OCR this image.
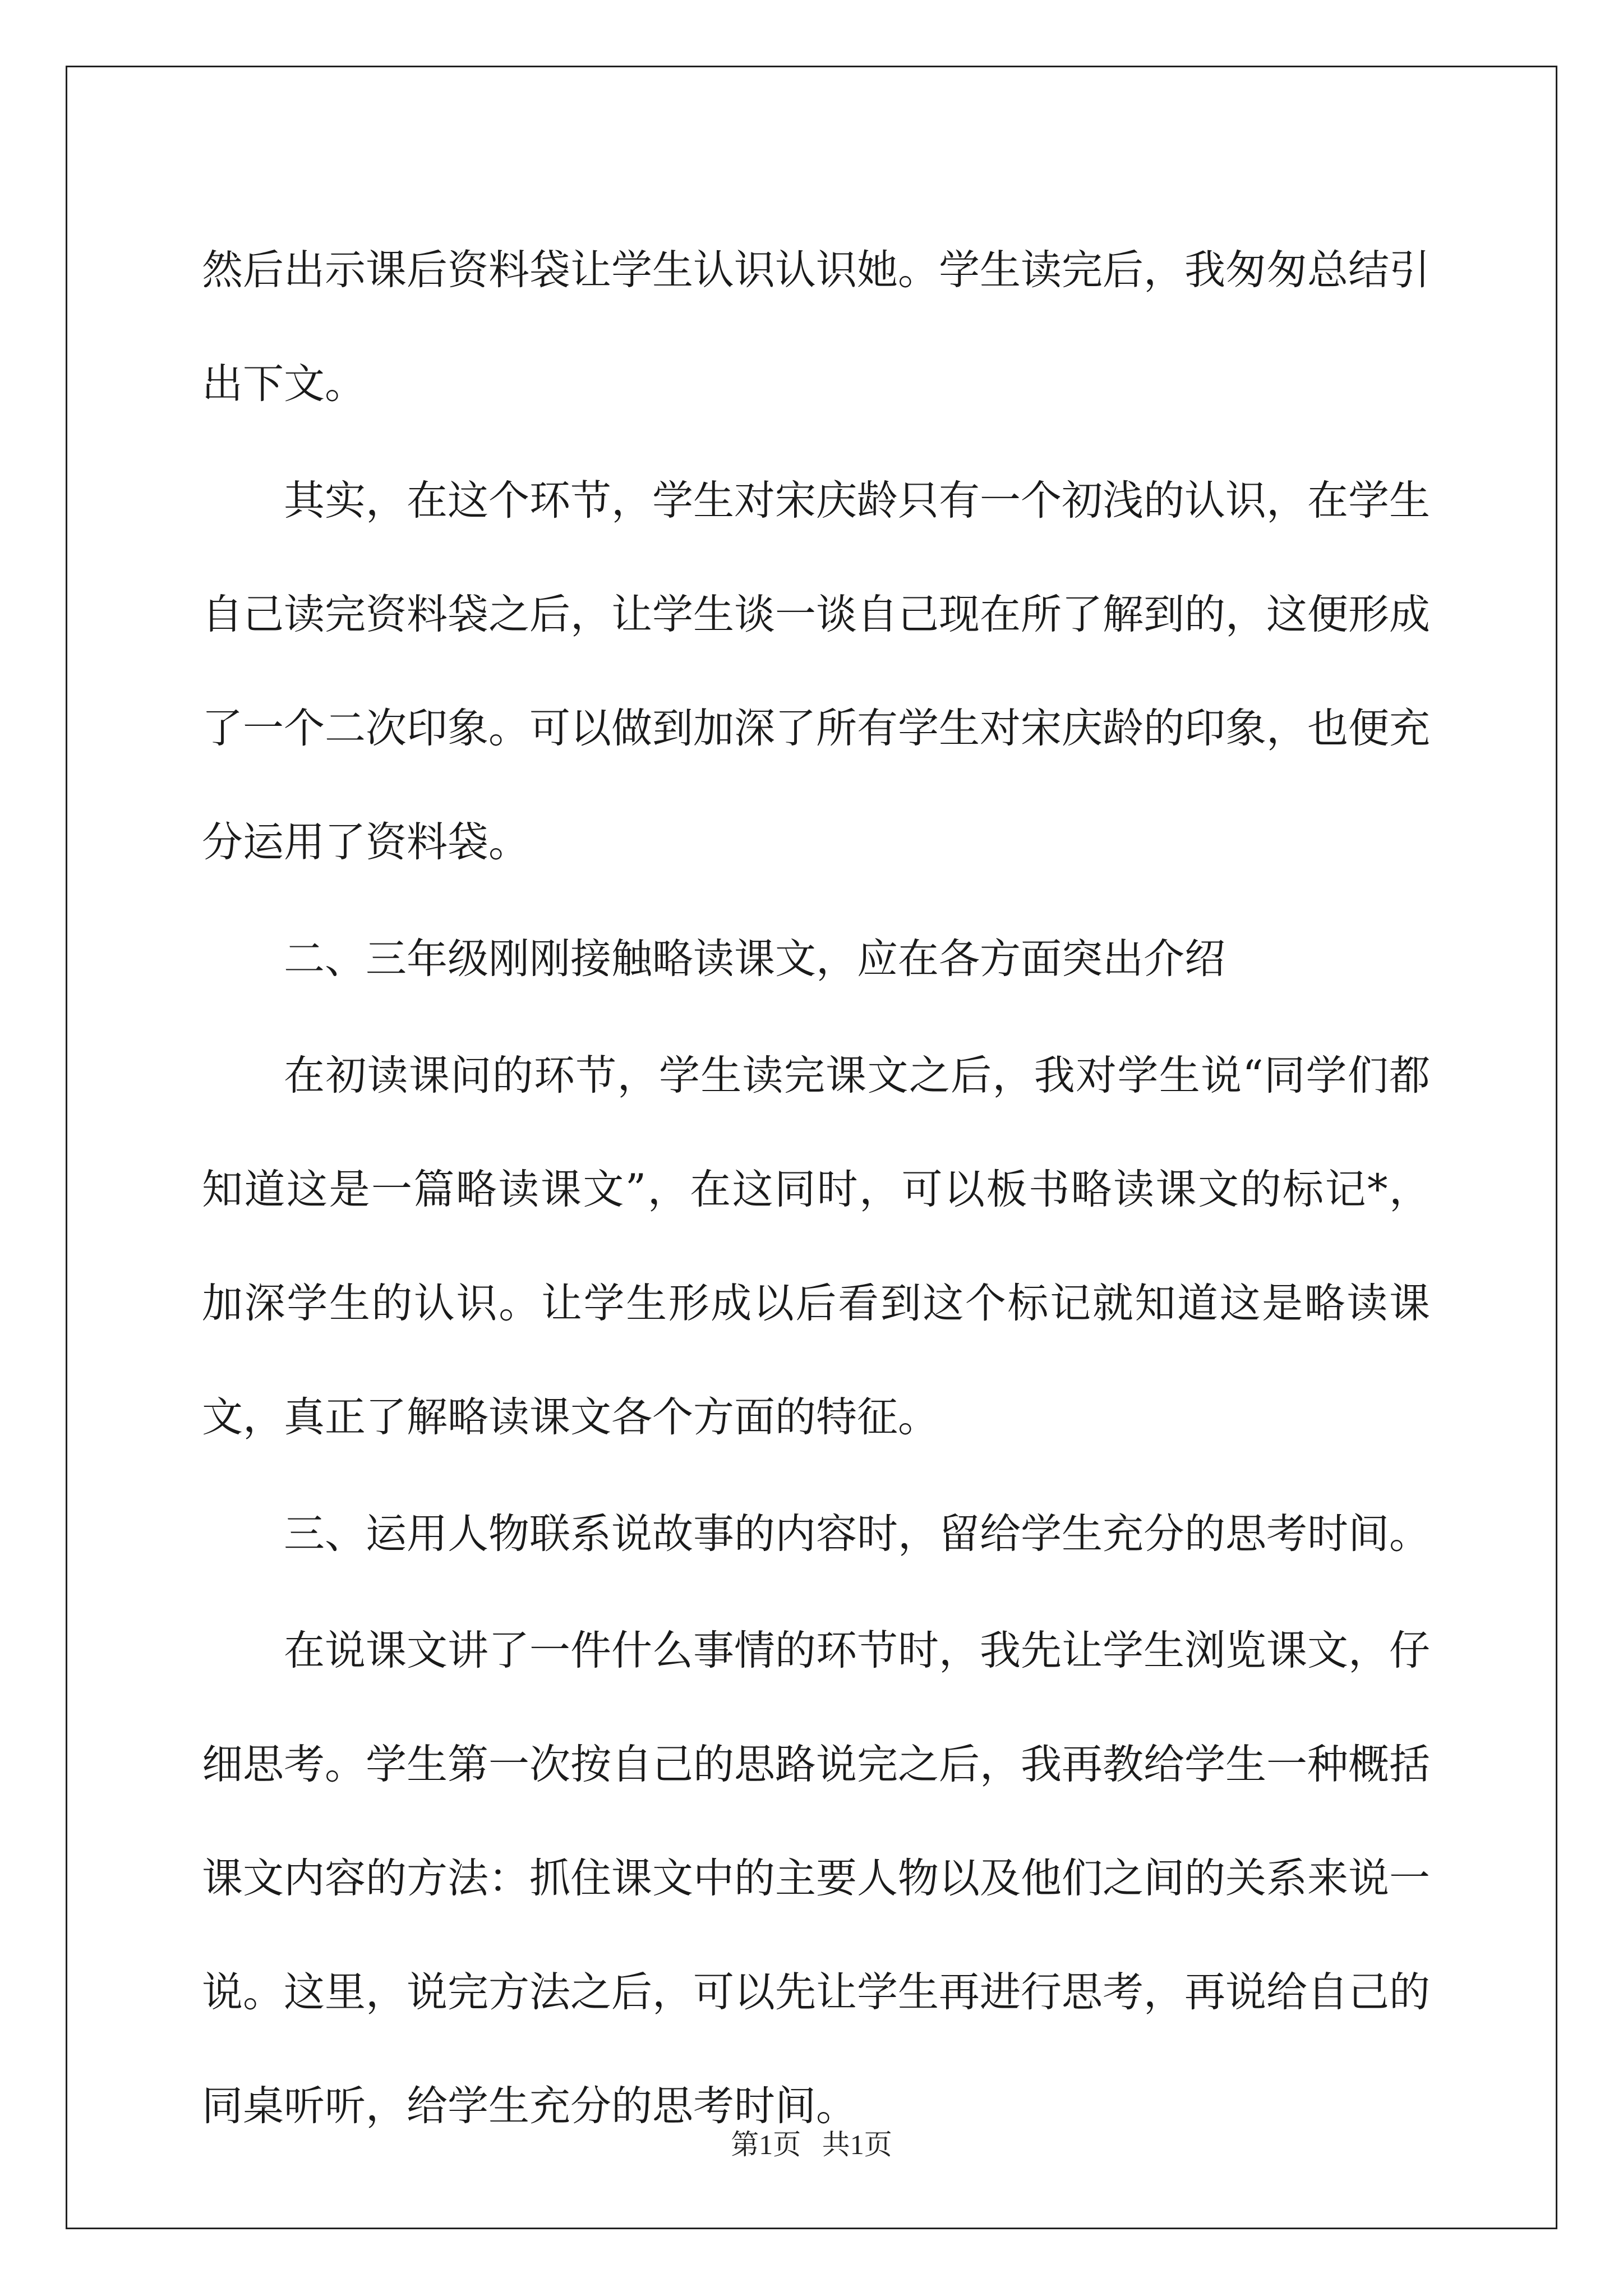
然后出示课后资料袋让学生认识认识她。学生读完后，我匆匆总结引出下文。

其实，在这个环节，学生对宋庆龄只有一个初浅的认识，在学生自己读完资料袋之后，让学生谈一谈自己现在所了解到的，这便形成了一个二次印象。可以做到加深了所有学生对宋庆龄的印象，也便充分运用了资料袋。

二、三年级刚刚接触略读课文，应在各方面突出介绍

在初读课问的环节，学生读完课文之后，我对学生说“同学们都知道这是一篇略读课文”，在这同时，可以板书略读课文的标记*，加深学生的认识。让学生形成以后看到这个标记就知道这是略读课文，真正了解略读课文各个方面的特征。

三、运用人物联系说故事的内容时，留给学生充分的思考时间。

在说课文讲了一件什么事情的环节时，我先让学生浏览课文，仔细思考。学生第一次按自己的思路说完之后，我再教给学生一种概括课文内容的方法：抓住课文中的主要人物以及他们之间的关系来说一说。这里，说完方法之后，可以先让学生再进行思考，再说给自己的同桌听听，给学生充分的思考时间。

第1页   共1页
